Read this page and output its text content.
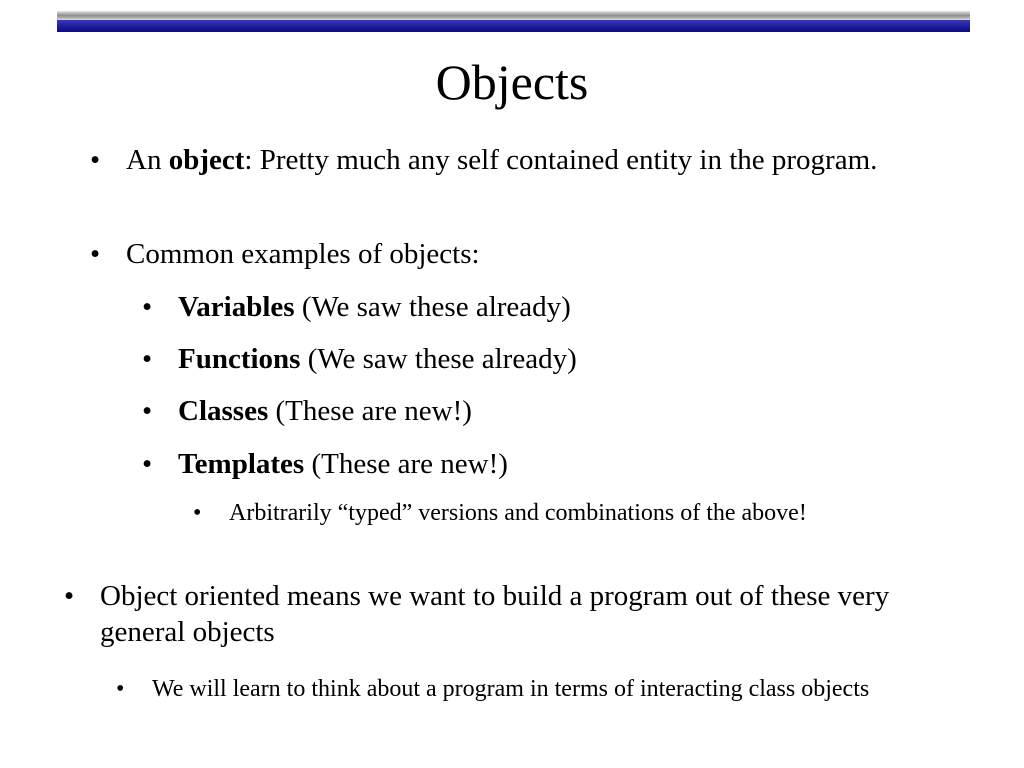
Objects
• An object: Pretty much any self contained entity in the program.
• Common examples of objects:
• Variables (We saw these already)
• Functions (We saw these already)
• Classes (These are new!)
• Templates (These are new!)
• Arbitrarily “typed” versions and combinations of the above!
• Object oriented means we want to build a program out of these very general objects
• We will learn to think about a program in terms of interacting class objects
